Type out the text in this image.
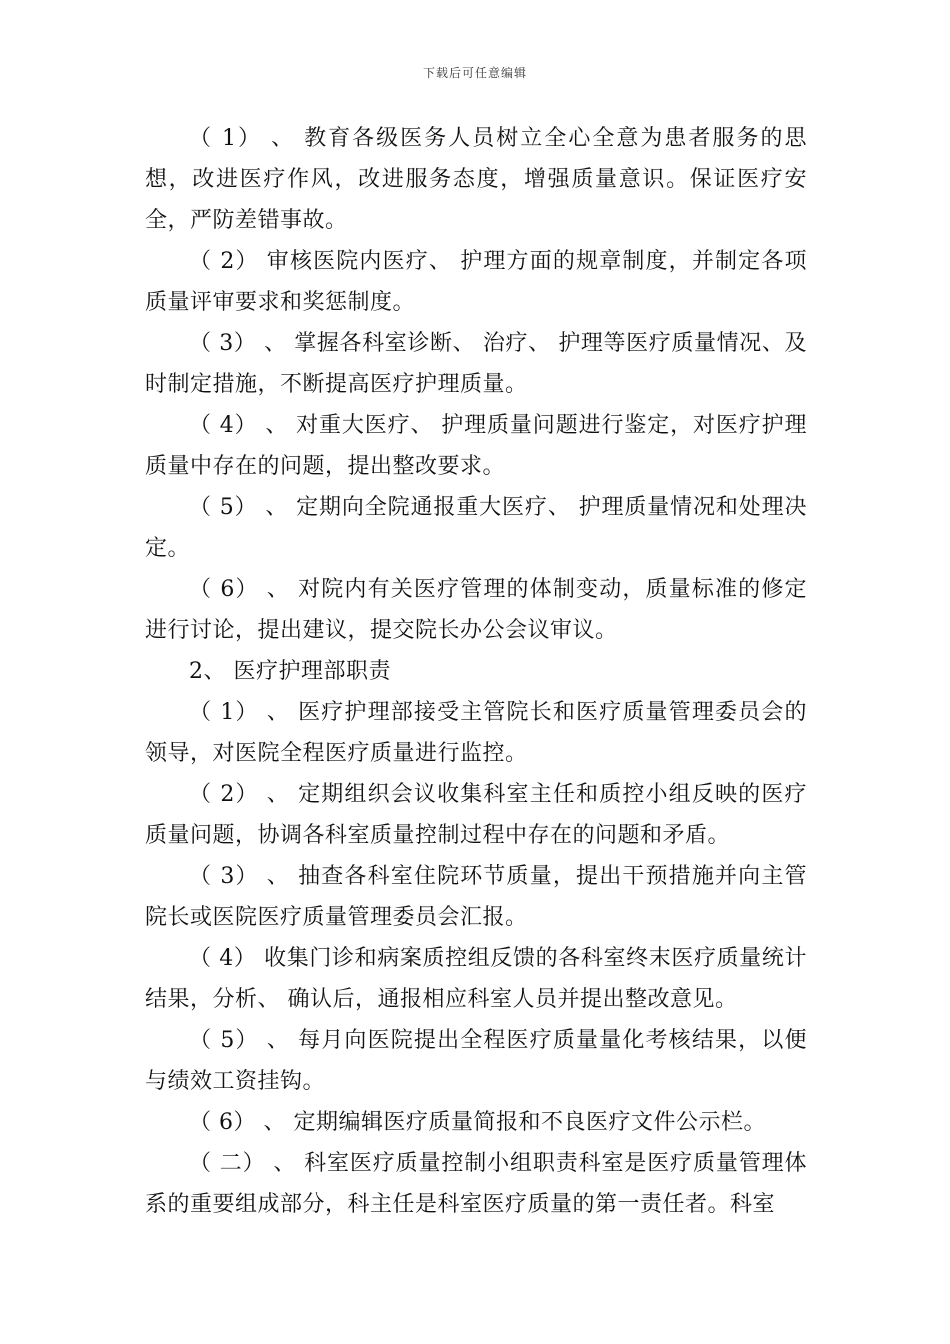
下载后可任意编辑

（ 1） 、 教育各级医务人员树立全心全意为患者服务的思想，改进医疗作风，改进服务态度，增强质量意识。保证医疗安全，严防差错事故。

（ 2） 审核医院内医疗、 护理方面的规章制度，并制定各项质量评审要求和奖惩制度。

（ 3） 、 掌握各科室诊断、 治疗、 护理等医疗质量情况、及时制定措施，不断提高医疗护理质量。

（ 4） 、 对重大医疗、 护理质量问题进行鉴定，对医疗护理质量中存在的问题，提出整改要求。

（ 5） 、 定期向全院通报重大医疗、 护理质量情况和处理决定。

（ 6） 、 对院内有关医疗管理的体制变动，质量标准的修定进行讨论，提出建议，提交院长办公会议审议。

2、 医疗护理部职责

（ 1） 、 医疗护理部接受主管院长和医疗质量管理委员会的领导，对医院全程医疗质量进行监控。

（ 2） 、 定期组织会议收集科室主任和质控小组反映的医疗质量问题，协调各科室质量控制过程中存在的问题和矛盾。

（ 3） 、 抽查各科室住院环节质量，提出干预措施并向主管院长或医院医疗质量管理委员会汇报。

（ 4） 收集门诊和病案质控组反馈的各科室终末医疗质量统计结果，分析、 确认后，通报相应科室人员并提出整改意见。

（ 5） 、 每月向医院提出全程医疗质量量化考核结果，以便与绩效工资挂钩。

（ 6） 、 定期编辑医疗质量简报和不良医疗文件公示栏。

（ 二） 、 科室医疗质量控制小组职责科室是医疗质量管理体系的重要组成部分，科主任是科室医疗质量的第一责任者。科室
